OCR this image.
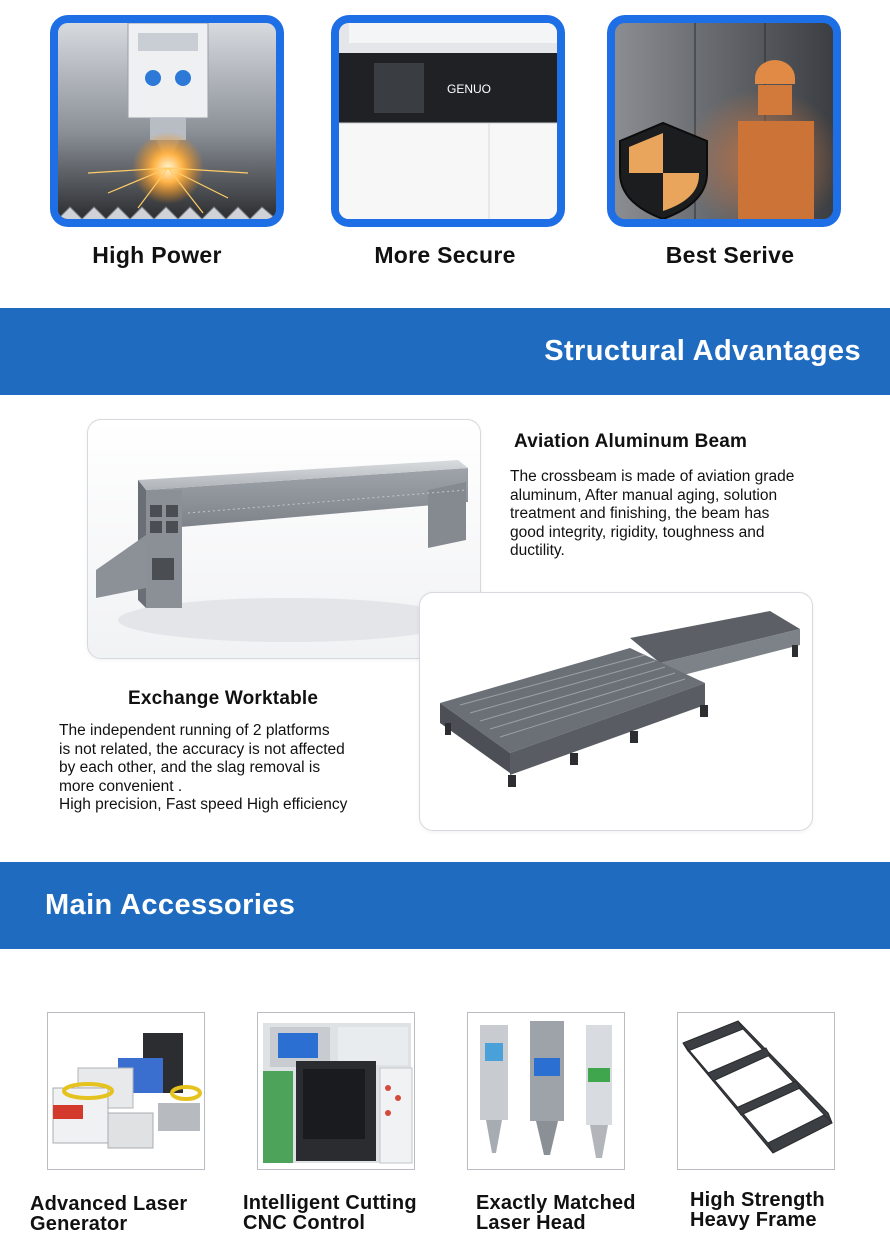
High Power
GENUO
More Secure	Best Serive
Structural Advantages
Aviation Aluminum Beam
The crossbeam is made of aviation grade
aluminum, After manual aging, solution
treatment and finishing, the beam has
good integrity, rigidity, toughness and
ductility.
Exchange Worktable
The independent running of 2 platforms
is not related, the accuracy is not affected
by each other, and the slag removal is
more convenient .
High precision, Fast speed High efficiency
Main Accessories
Advanced Laser
Generator
Intelligent Cutting
CNC Control
Exactly Matched
Laser Head
High Strength
Heavy Frame
